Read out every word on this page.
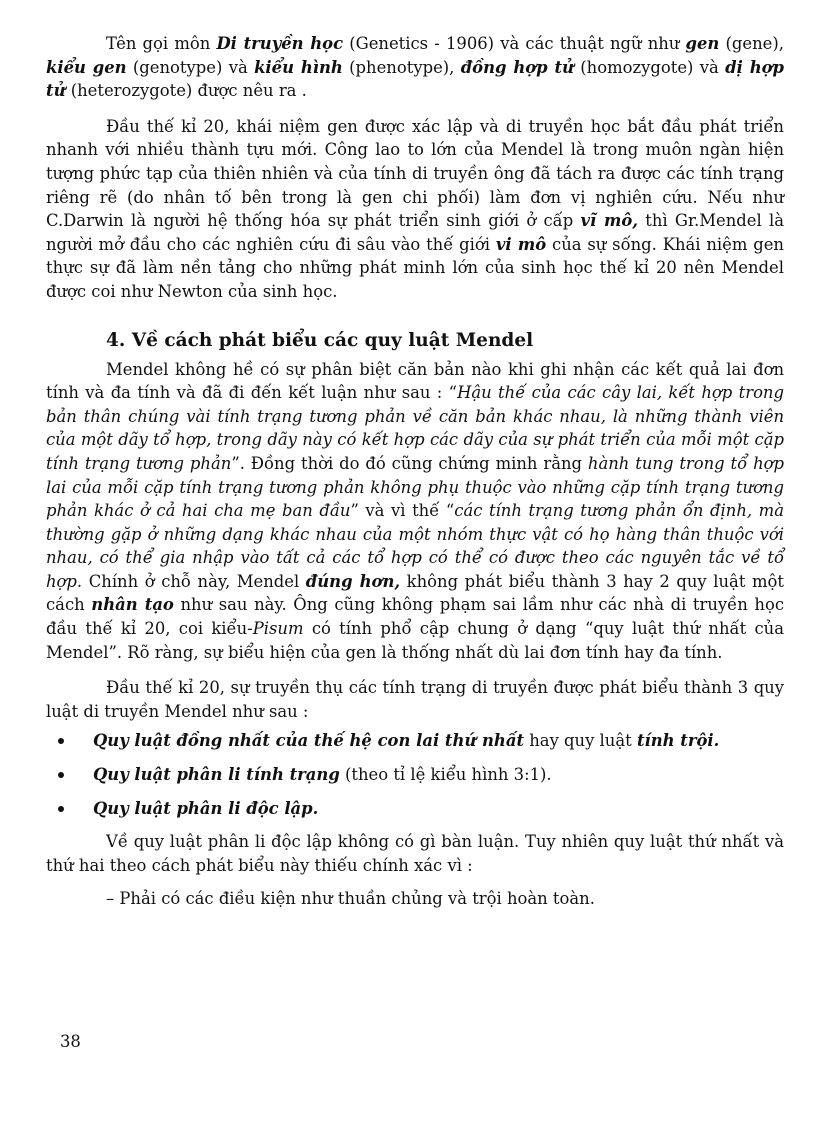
Tên gọi môn Di truyền học (Genetics - 1906) và các thuật ngữ như gen (gene), kiểu gen (genotype) và kiểu hình (phenotype), đồng hợp tử (homozygote) và dị hợp tử (heterozygote) được nêu ra .

Đầu thế kỉ 20, khái niệm gen được xác lập và di truyền học bắt đầu phát triển nhanh với nhiều thành tựu mới. Công lao to lớn của Mendel là trong muôn ngàn hiện tượng phức tạp của thiên nhiên và của tính di truyền ông đã tách ra được các tính trạng riêng rẽ (do nhân tố bên trong là gen chi phối) làm đơn vị nghiên cứu. Nếu như C.Darwin là người hệ thống hóa sự phát triển sinh giới ở cấp vĩ mô, thì Gr.Mendel là người mở đầu cho các nghiên cứu đi sâu vào thế giới vi mô của sự sống. Khái niệm gen thực sự đã làm nền tảng cho những phát minh lớn của sinh học thế kỉ 20 nên Mendel được coi như Newton của sinh học.

4. Về cách phát biểu các quy luật Mendel

Mendel không hề có sự phân biệt căn bản nào khi ghi nhận các kết quả lai đơn tính và đa tính và đã đi đến kết luận như sau : “Hậu thế của các cây lai, kết hợp trong bản thân chúng vài tính trạng tương phản về căn bản khác nhau, là những thành viên của một dãy tổ hợp, trong dãy này có kết hợp các dãy của sự phát triển của mỗi một cặp tính trạng tương phản”. Đồng thời do đó cũng chứng minh rằng hành tung trong tổ hợp lai của mỗi cặp tính trạng tương phản không phụ thuộc vào những cặp tính trạng tương phản khác ở cả hai cha mẹ ban đầu” và vì thế “các tính trạng tương phản ổn định, mà thường gặp ở những dạng khác nhau của một nhóm thực vật có họ hàng thân thuộc với nhau, có thể gia nhập vào tất cả các tổ hợp có thể có được theo các nguyên tắc về tổ hợp. Chính ở chỗ này, Mendel đúng hơn, không phát biểu thành 3 hay 2 quy luật một cách nhân tạo như sau này. Ông cũng không phạm sai lầm như các nhà di truyền học đầu thế kỉ 20, coi kiểu-Pisum có tính phổ cập chung ở dạng “quy luật thứ nhất của Mendel”. Rõ ràng, sự biểu hiện của gen là thống nhất dù lai đơn tính hay đa tính.

Đầu thế kỉ 20, sự truyền thụ các tính trạng di truyền được phát biểu thành 3 quy luật di truyền Mendel như sau :

Quy luật đồng nhất của thế hệ con lai thứ nhất hay quy luật tính trội.
Quy luật phân li tính trạng (theo tỉ lệ kiểu hình 3:1).
Quy luật phân li độc lập.

Về quy luật phân li độc lập không có gì bàn luận. Tuy nhiên quy luật thứ nhất và thứ hai theo cách phát biểu này thiếu chính xác vì :

– Phải có các điều kiện như thuần chủng và trội hoàn toàn.

38
